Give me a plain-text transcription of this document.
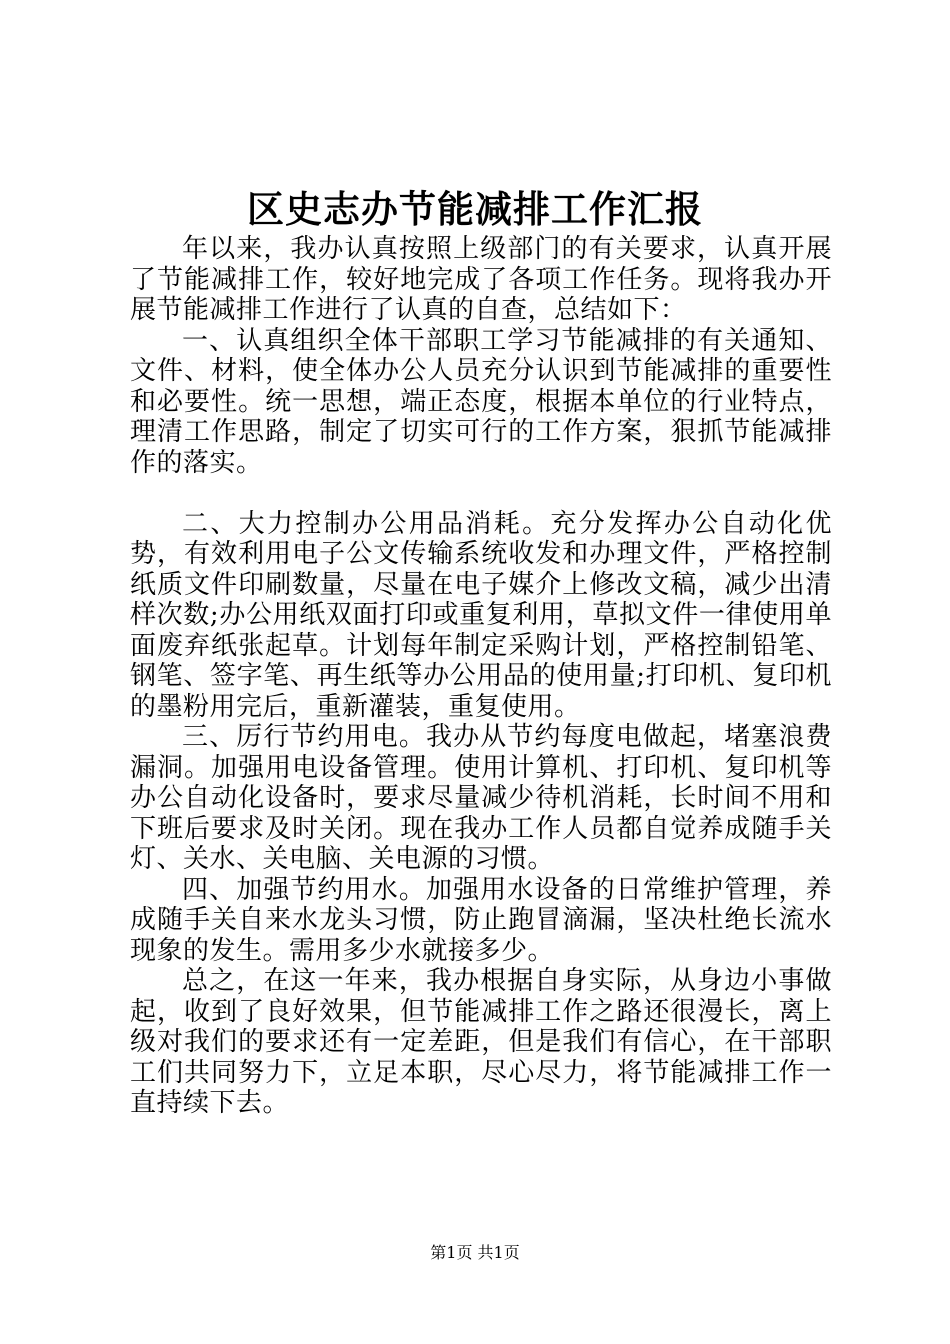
区史志办节能减排工作汇报

年以来，我办认真按照上级部门的有关要求，认真开展了节能减排工作，较好地完成了各项工作任务。现将我办开展节能减排工作进行了认真的自查，总结如下：

一、认真组织全体干部职工学习节能减排的有关通知、文件、材料，使全体办公人员充分认识到节能减排的重要性和必要性。统一思想，端正态度，根据本单位的行业特点，理清工作思路，制定了切实可行的工作方案，狠抓节能减排作的落实。

二、大力控制办公用品消耗。充分发挥办公自动化优势，有效利用电子公文传输系统收发和办理文件，严格控制纸质文件印刷数量，尽量在电子媒介上修改文稿，减少出清样次数;办公用纸双面打印或重复利用，草拟文件一律使用单面废弃纸张起草。计划每年制定采购计划，严格控制铅笔、钢笔、签字笔、再生纸等办公用品的使用量;打印机、复印机的墨粉用完后，重新灌装，重复使用。

三、厉行节约用电。我办从节约每度电做起，堵塞浪费漏洞。加强用电设备管理。使用计算机、打印机、复印机等办公自动化设备时，要求尽量减少待机消耗，长时间不用和下班后要求及时关闭。现在我办工作人员都自觉养成随手关灯、关水、关电脑、关电源的习惯。

四、加强节约用水。加强用水设备的日常维护管理，养成随手关自来水龙头习惯，防止跑冒滴漏，坚决杜绝长流水现象的发生。需用多少水就接多少。

总之，在这一年来，我办根据自身实际，从身边小事做起，收到了良好效果，但节能减排工作之路还很漫长，离上级对我们的要求还有一定差距，但是我们有信心，在干部职工们共同努力下，立足本职，尽心尽力，将节能减排工作一直持续下去。

第1页 共1页
